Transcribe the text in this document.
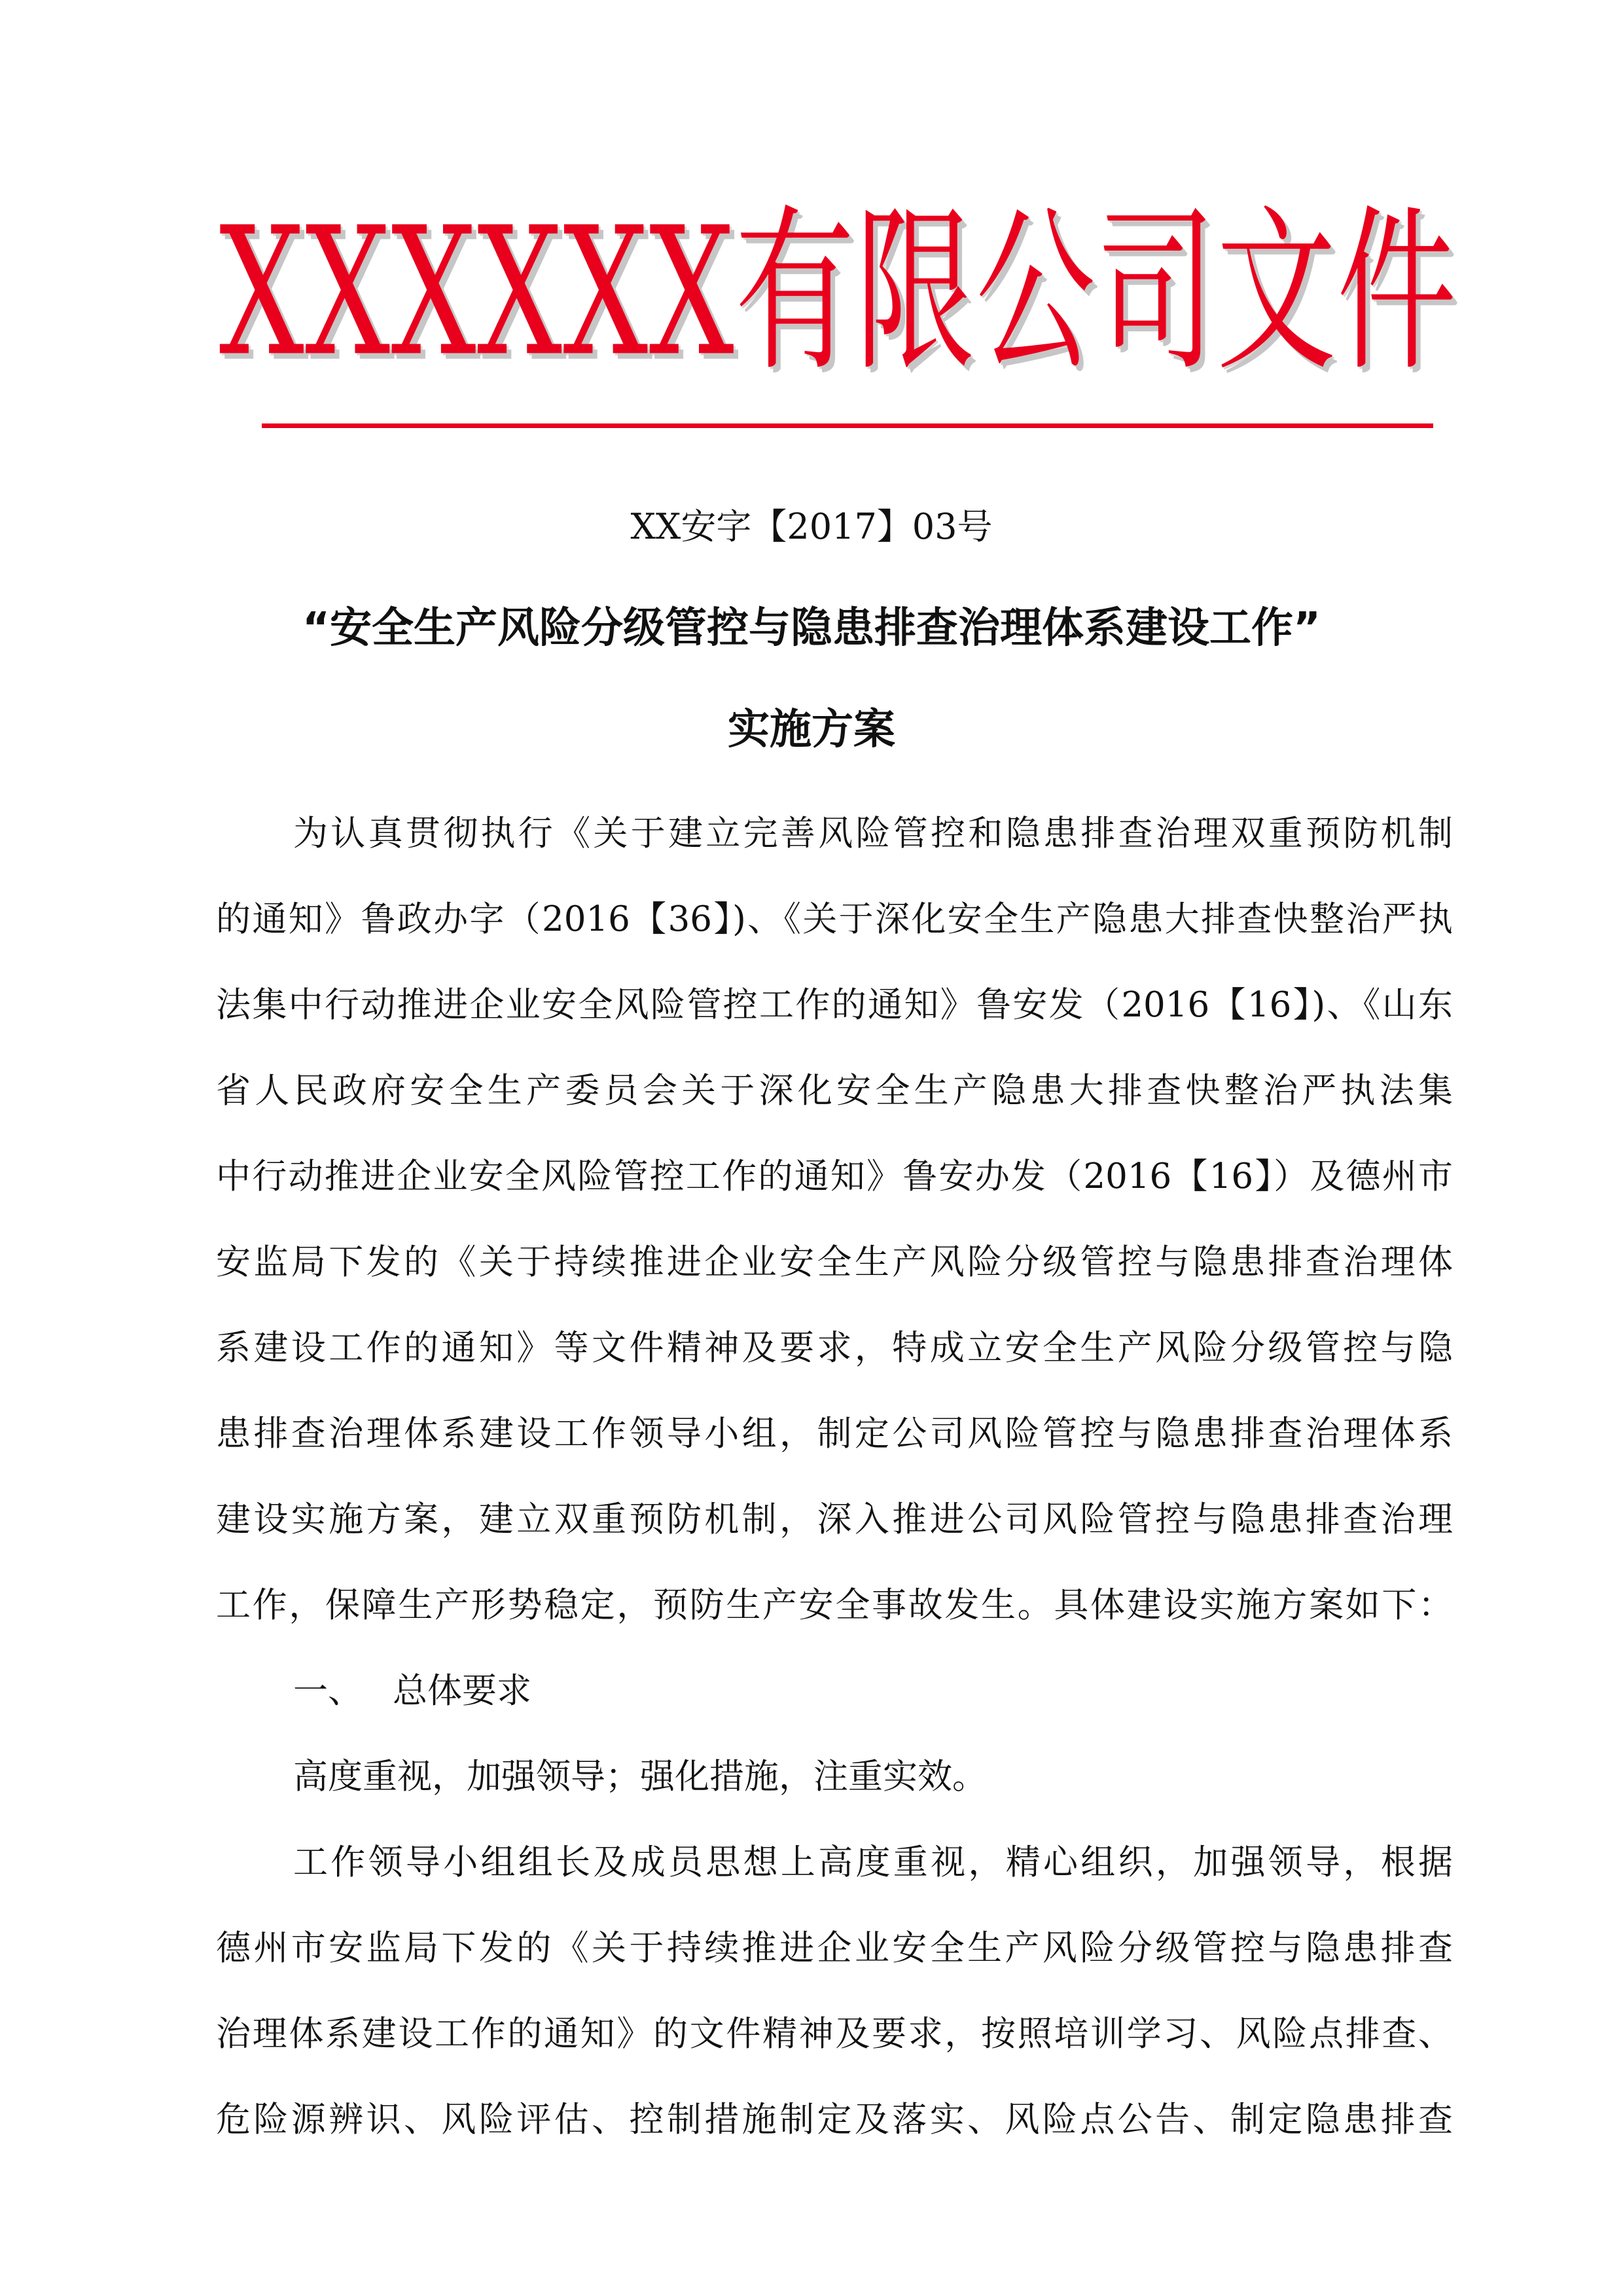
XXXXXX有限公司文件
XX安字【2017】03号
“安全生产风险分级管控与隐患排查治理体系建设工作”
实施方案
为认真贯彻执行《关于建立完善风险管控和隐患排查治理双重预防机制
的通知》鲁政办字（2016【36】)、《关于深化安全生产隐患大排查快整治严执
法集中行动推进企业安全风险管控工作的通知》鲁安发（2016【16】)、《山东
省人民政府安全生产委员会关于深化安全生产隐患大排查快整治严执法集
中行动推进企业安全风险管控工作的通知》鲁安办发（2016【16】）及德州市
安监局下发的《关于持续推进企业安全生产风险分级管控与隐患排查治理体
系建设工作的通知》等文件精神及要求，特成立安全生产风险分级管控与隐
患排查治理体系建设工作领导小组，制定公司风险管控与隐患排查治理体系
建设实施方案，建立双重预防机制，深入推进公司风险管控与隐患排查治理
工作，保障生产形势稳定，预防生产安全事故发生。具体建设实施方案如下：
一、 总体要求
高度重视，加强领导；强化措施，注重实效。
工作领导小组组长及成员思想上高度重视，精心组织，加强领导，根据
德州市安监局下发的《关于持续推进企业安全生产风险分级管控与隐患排查
治理体系建设工作的通知》的文件精神及要求，按照培训学习、风险点排查、
危险源辨识、风险评估、控制措施制定及落实、风险点公告、制定隐患排查
